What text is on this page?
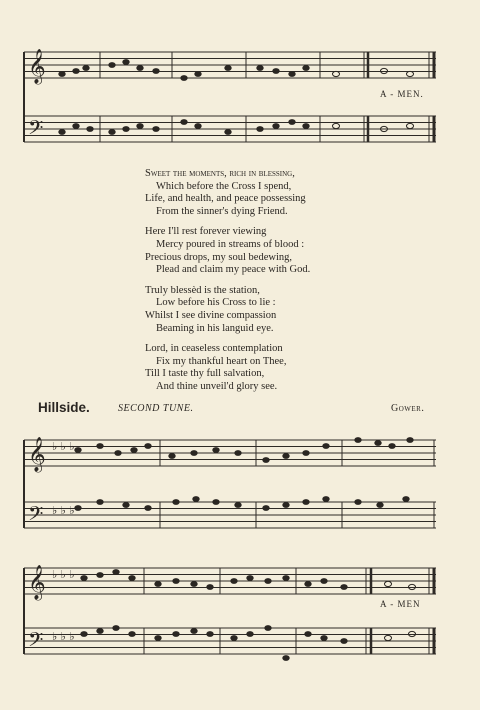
𝄞
𝄢
A - MEN.

Sweet the moments, rich in blessing,

Which before the Cross I spend,

Life, and health, and peace possessing

From the sinner's dying Friend.

Here I'll rest forever viewing

Mercy poured in streams of blood :

Precious drops, my soul bedewing,

Plead and claim my peace with God.

Truly blessèd is the station,

Low before his Cross to lie :

Whilst I see divine compassion

Beaming in his languid eye.

Lord, in ceaseless contemplation

Fix my thankful heart on Thee,

Till I taste thy full salvation,

And thine unveil'd glory see.

Hillside.	SECOND TUNE.	Gower.
𝄞
𝄢
♭ ♭ ♭
♭ ♭ ♭
𝄞
𝄢
♭ ♭ ♭
♭ ♭ ♭
A - MEN
